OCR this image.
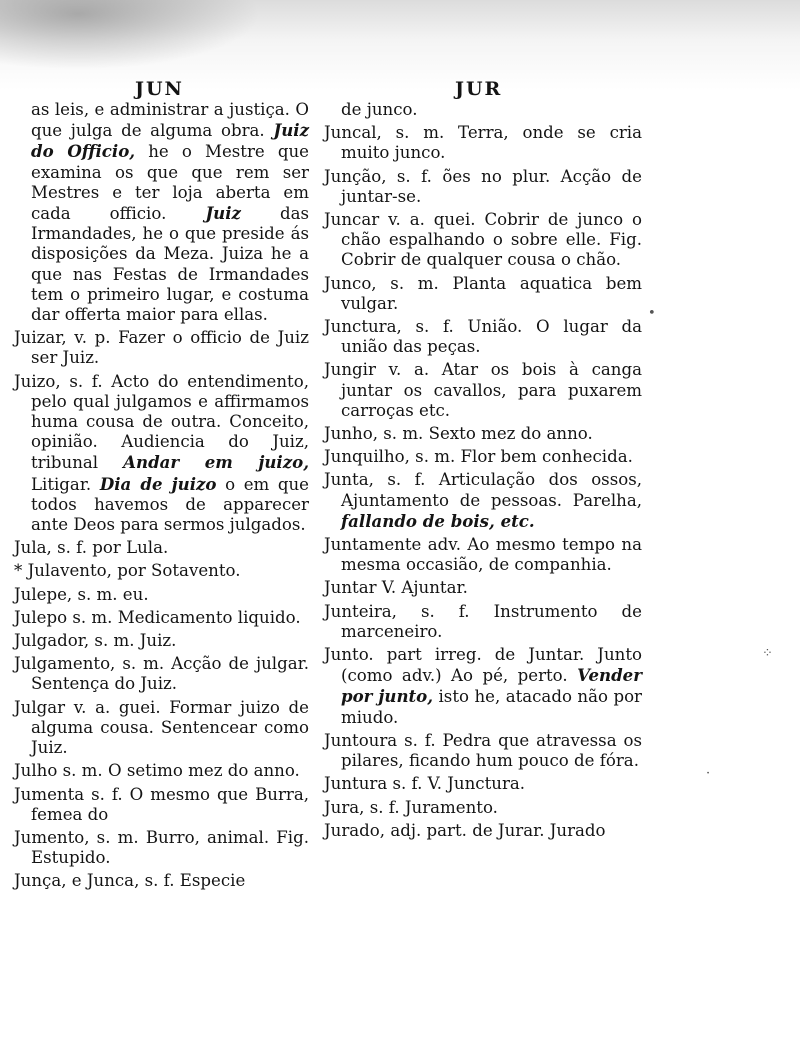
JUN	JUR

as leis, e administrar a justiça. O que julga de alguma obra. Juiz do Officio, he o Mestre que examina os que que rem ser Mestres e ter loja aberta em cada officio. Juiz das Irmandades, he o que preside ás disposições da Meza. Juiza he a que nas Festas de Irmandades tem o primeiro lugar, e costuma dar offerta maior para ellas.

Juizar, v. p. Fazer o officio de Juiz ser Juiz.

Juizo, s. f. Acto do entendimento, pelo qual julgamos e affirmamos huma cousa de outra. Conceito, opinião. Audiencia do Juiz, tribunal Andar em juizo, Litigar. Dia de juizo o em que todos havemos de apparecer ante Deos para sermos julgados.

Jula, s. f. por Lula.

* Julavento, por Sotavento.

Julepe, s. m. eu.

Julepo s. m. Medicamento liquido.

Julgador, s. m. Juiz.

Julgamento, s. m. Acção de julgar. Sentença do Juiz.

Julgar v. a. guei. Formar juizo de alguma cousa. Sentencear como Juiz.

Julho s. m. O setimo mez do anno.

Jumenta s. f. O mesmo que Burra, femea do

Jumento, s. m. Burro, animal. Fig. Estupido.

Junça, e Junca, s. f. Especie

de junco.

Juncal, s. m. Terra, onde se cria muito junco.

Junção, s. f. ões no plur. Acção de juntar-se.

Juncar v. a. quei. Cobrir de junco o chão espalhando o sobre elle. Fig. Cobrir de qualquer cousa o chão.

Junco, s. m. Planta aquatica bem vulgar.

Junctura, s. f. União. O lugar da união das peças.

Jungir v. a. Atar os bois à canga juntar os cavallos, para puxarem carroças etc.

Junho, s. m. Sexto mez do anno.

Junquilho, s. m. Flor bem conhecida.

Junta, s. f. Articulação dos ossos, Ajuntamento de pessoas. Parelha, fallando de bois, etc.

Juntamente adv. Ao mesmo tempo na mesma occasião, de companhia.

Juntar V. Ajuntar.

Junteira, s. f. Instrumento de marceneiro.

Junto. part irreg. de Juntar. Junto (como adv.) Ao pé, perto. Vender por junto, isto he, atacado não por miudo.

Juntoura s. f. Pedra que atravessa os pilares, ficando hum pouco de fóra.

Juntura s. f. V. Junctura.

Jura, s. f. Juramento.

Jurado, adj. part. de Jurar. Jurado

⁘
·
•
